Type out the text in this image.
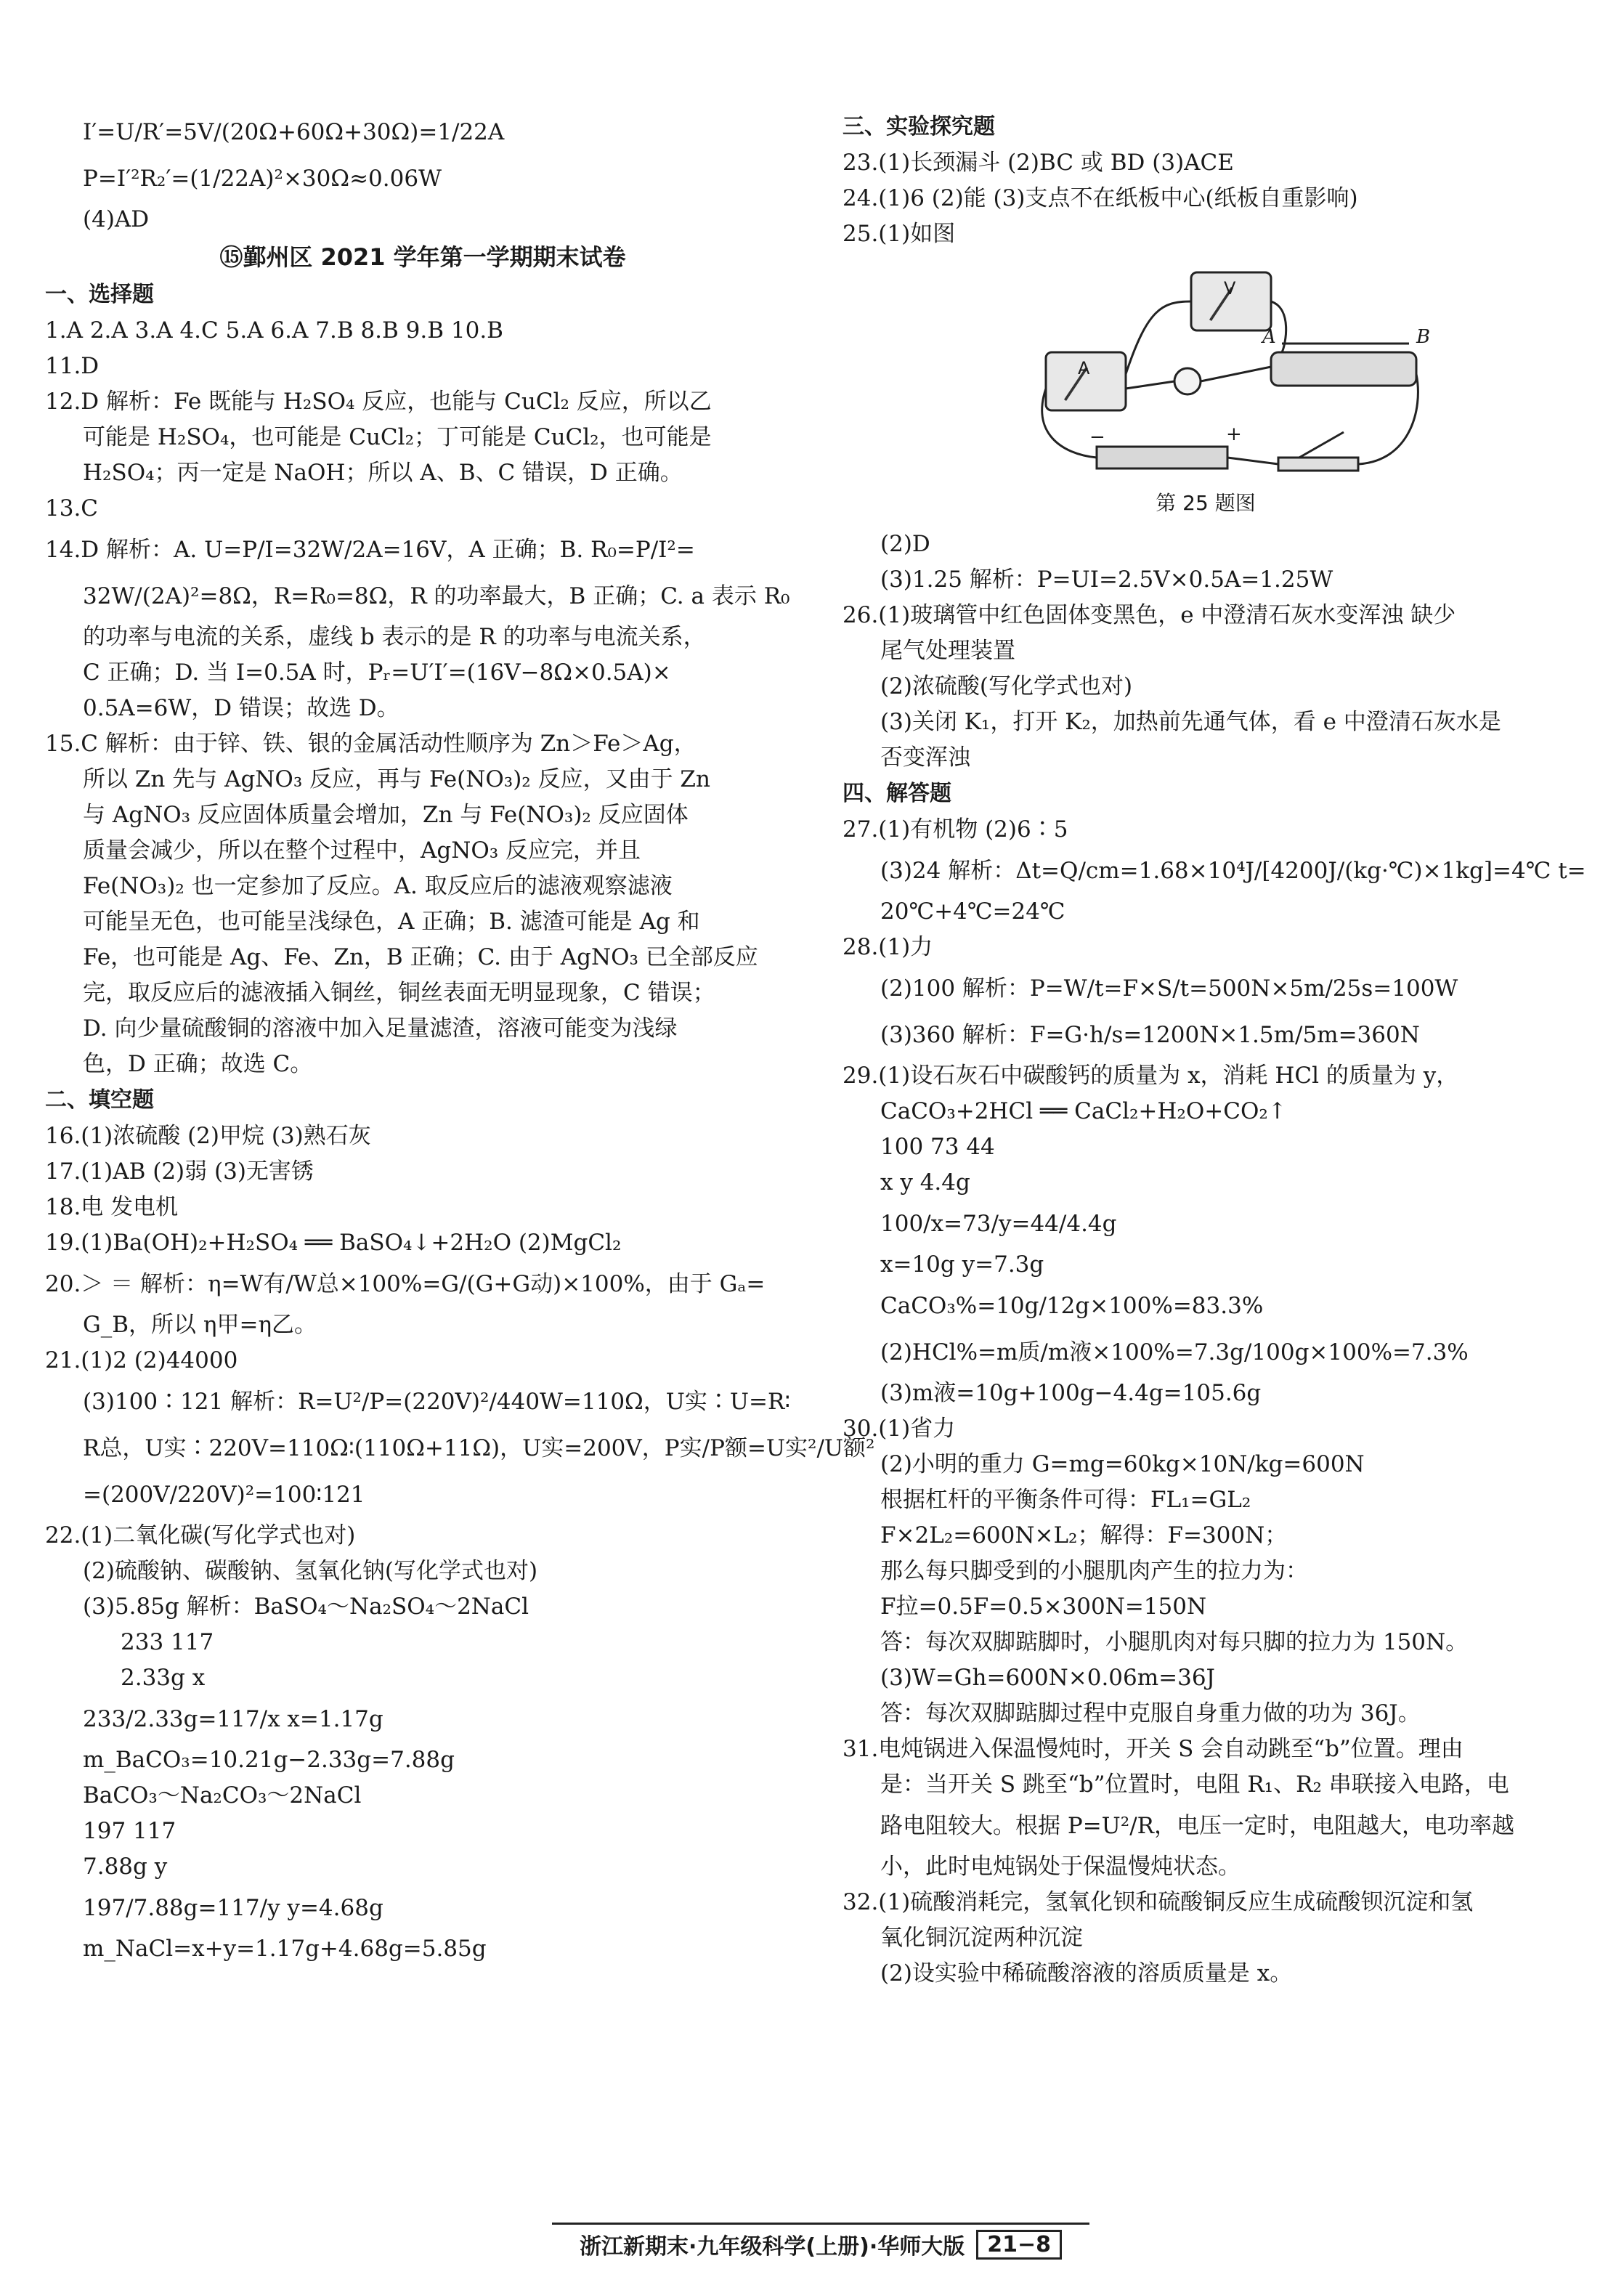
I′=U/R′=5V/(20Ω+60Ω+30Ω)=1/22A
P=I′²R₂′=(1/22A)²×30Ω≈0.06W
(4)AD
⑮鄞州区 2021 学年第一学期期末试卷
一、选择题
1.A 2.A 3.A 4.C 5.A 6.A 7.B 8.B 9.B 10.B
11.D
12.D 解析：Fe 既能与 H₂SO₄ 反应，也能与 CuCl₂ 反应，所以乙
可能是 H₂SO₄，也可能是 CuCl₂；丁可能是 CuCl₂，也可能是
H₂SO₄；丙一定是 NaOH；所以 A、B、C 错误，D 正确。
13.C
14.D 解析：A. U=P/I=32W/2A=16V，A 正确；B. R₀=P/I²=
32W/(2A)²=8Ω，R=R₀=8Ω，R 的功率最大，B 正确；C. a 表示 R₀
的功率与电流的关系，虚线 b 表示的是 R 的功率与电流关系，
C 正确；D. 当 I=0.5A 时，Pᵣ=U′I′=(16V−8Ω×0.5A)×
0.5A=6W，D 错误；故选 D。
15.C 解析：由于锌、铁、银的金属活动性顺序为 Zn＞Fe＞Ag，
所以 Zn 先与 AgNO₃ 反应，再与 Fe(NO₃)₂ 反应，又由于 Zn
与 AgNO₃ 反应固体质量会增加，Zn 与 Fe(NO₃)₂ 反应固体
质量会减少，所以在整个过程中，AgNO₃ 反应完，并且
Fe(NO₃)₂ 也一定参加了反应。A. 取反应后的滤液观察滤液
可能呈无色，也可能呈浅绿色，A 正确；B. 滤渣可能是 Ag 和
Fe，也可能是 Ag、Fe、Zn，B 正确；C. 由于 AgNO₃ 已全部反应
完，取反应后的滤液插入铜丝，铜丝表面无明显现象，C 错误；
D. 向少量硫酸铜的溶液中加入足量滤渣，溶液可能变为浅绿
色，D 正确；故选 C。
二、填空题
16.(1)浓硫酸 (2)甲烷 (3)熟石灰
17.(1)AB (2)弱 (3)无害锈
18.电 发电机
19.(1)Ba(OH)₂+H₂SO₄ ══ BaSO₄↓+2H₂O (2)MgCl₂
20.＞ ＝ 解析：η=W有/W总×100%=G/(G+G动)×100%，由于 Gₐ=
G_B，所以 η甲=η乙。
21.(1)2 (2)44000
(3)100∶121 解析：R=U²/P=(220V)²/440W=110Ω，U实∶U=R∶
R总，U实∶220V=110Ω∶(110Ω+11Ω)，U实=200V，P实/P额=U实²/U额²
=(200V/220V)²=100∶121
22.(1)二氧化碳(写化学式也对)
(2)硫酸钠、碳酸钠、氢氧化钠(写化学式也对)
(3)5.85g 解析：BaSO₄～Na₂SO₄～2NaCl
233 117
2.33g x
233/2.33g=117/x x=1.17g
m_BaCO₃=10.21g−2.33g=7.88g
BaCO₃～Na₂CO₃～2NaCl
197 117
7.88g y
197/7.88g=117/y y=4.68g
m_NaCl=x+y=1.17g+4.68g=5.85g
三、实验探究题
23.(1)长颈漏斗 (2)BC 或 BD (3)ACE
24.(1)6 (2)能 (3)支点不在纸板中心(纸板自重影响)
25.(1)如图
A
V
A	B
+
−
第 25 题图
(2)D
(3)1.25 解析：P=UI=2.5V×0.5A=1.25W
26.(1)玻璃管中红色固体变黑色，e 中澄清石灰水变浑浊 缺少
尾气处理装置
(2)浓硫酸(写化学式也对)
(3)关闭 K₁，打开 K₂，加热前先通气体，看 e 中澄清石灰水是
否变浑浊
四、解答题
27.(1)有机物 (2)6∶5
(3)24 解析：Δt=Q/cm=1.68×10⁴J/[4200J/(kg·℃)×1kg]=4℃ t=
20℃+4℃=24℃
28.(1)力
(2)100 解析：P=W/t=F×S/t=500N×5m/25s=100W
(3)360 解析：F=G·h/s=1200N×1.5m/5m=360N
29.(1)设石灰石中碳酸钙的质量为 x，消耗 HCl 的质量为 y，
CaCO₃+2HCl ══ CaCl₂+H₂O+CO₂↑
100 73 44
x y 4.4g
100/x=73/y=44/4.4g
x=10g y=7.3g
CaCO₃%=10g/12g×100%=83.3%
(2)HCl%=m质/m液×100%=7.3g/100g×100%=7.3%
(3)m液=10g+100g−4.4g=105.6g
30.(1)省力
(2)小明的重力 G=mg=60kg×10N/kg=600N
根据杠杆的平衡条件可得：FL₁=GL₂
F×2L₂=600N×L₂；解得：F=300N；
那么每只脚受到的小腿肌肉产生的拉力为：
F拉=0.5F=0.5×300N=150N
答：每次双脚踮脚时，小腿肌肉对每只脚的拉力为 150N。
(3)W=Gh=600N×0.06m=36J
答：每次双脚踮脚过程中克服自身重力做的功为 36J。
31.电炖锅进入保温慢炖时，开关 S 会自动跳至“b”位置。理由
是：当开关 S 跳至“b”位置时，电阻 R₁、R₂ 串联接入电路，电
路电阻较大。根据 P=U²/R，电压一定时，电阻越大，电功率越
小，此时电炖锅处于保温慢炖状态。
32.(1)硫酸消耗完，氢氧化钡和硫酸铜反应生成硫酸钡沉淀和氢
氧化铜沉淀两种沉淀
(2)设实验中稀硫酸溶液的溶质质量是 x。
浙江新期末·九年级科学(上册)·华师大版	21−8
